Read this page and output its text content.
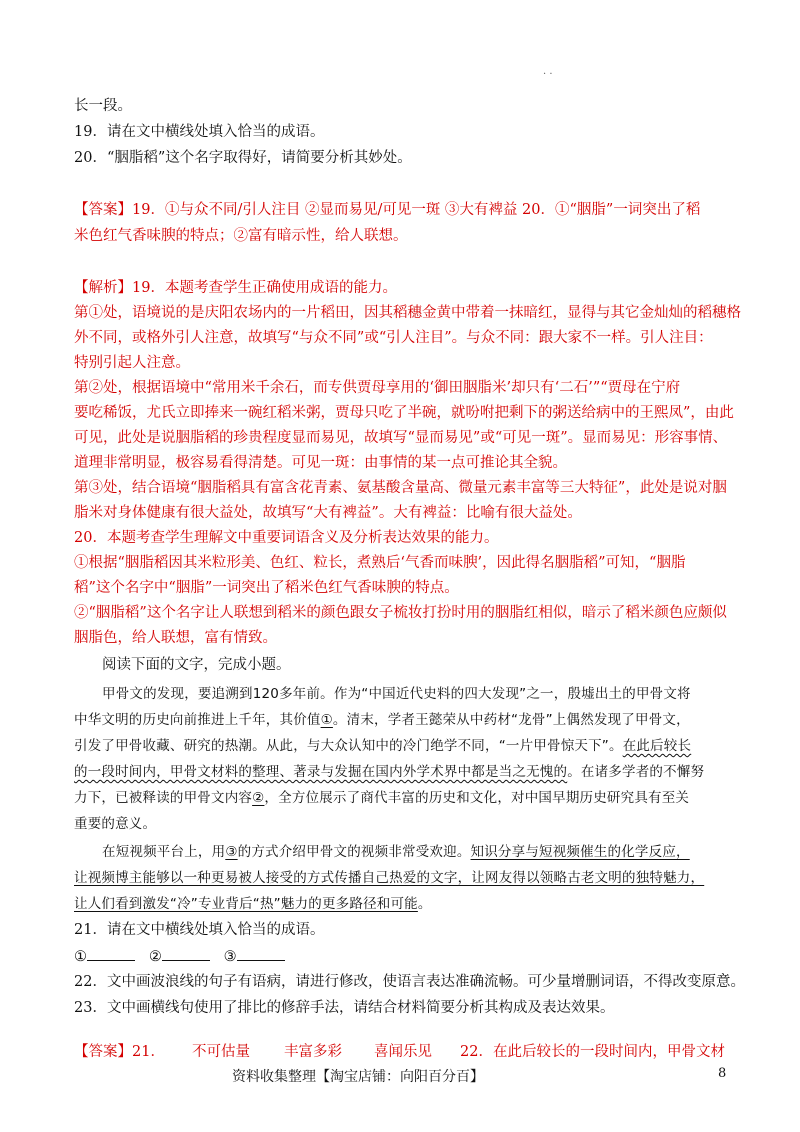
· ·
长一段。
19．请在文中横线处填入恰当的成语。
20．“胭脂稻”这个名字取得好，请简要分析其妙处。
【答案】19．①与众不同/引人注目 ②显而易见/可见一斑 ③大有裨益 20．①“胭脂”一词突出了稻
米色红气香味腴的特点；②富有暗示性，给人联想。
【解析】19．本题考查学生正确使用成语的能力。
第①处，语境说的是庆阳农场内的一片稻田，因其稻穗金黄中带着一抹暗红，显得与其它金灿灿的稻穗格
外不同，或格外引人注意，故填写“与众不同”或“引人注目”。与众不同：跟大家不一样。引人注目：
特别引起人注意。
第②处，根据语境中“常用米千余石，而专供贾母享用的‘御田胭脂米’却只有‘二石’”“贾母在宁府
要吃稀饭，尤氏立即捧来一碗红稻米粥，贾母只吃了半碗，就吩咐把剩下的粥送给病中的王熙凤”，由此
可见，此处是说胭脂稻的珍贵程度显而易见，故填写“显而易见”或“可见一斑”。显而易见：形容事情、
道理非常明显，极容易看得清楚。可见一斑：由事情的某一点可推论其全貌。
第③处，结合语境“胭脂稻具有富含花青素、氨基酸含量高、微量元素丰富等三大特征”，此处是说对胭
脂米对身体健康有很大益处，故填写“大有裨益”。大有裨益：比喻有很大益处。
20．本题考查学生理解文中重要词语含义及分析表达效果的能力。
①根据“胭脂稻因其米粒形美、色红、粒长，煮熟后‘气香而味腴’，因此得名胭脂稻”可知，“胭脂
稻”这个名字中“胭脂”一词突出了稻米色红气香味腴的特点。
②“胭脂稻”这个名字让人联想到稻米的颜色跟女子梳妆打扮时用的胭脂红相似，暗示了稻米颜色应颇似
胭脂色，给人联想，富有情致。
阅读下面的文字，完成小题。
甲骨文的发现，要追溯到120多年前。作为“中国近代史料的四大发现”之一，殷墟出土的甲骨文将
中华文明的历史向前推进上千年，其价值①。清末，学者王懿荣从中药材“龙骨”上偶然发现了甲骨文，
引发了甲骨收藏、研究的热潮。从此，与大众认知中的冷门绝学不同，“一片甲骨惊天下”。在此后较长
的一段时间内，甲骨文材料的整理、著录与发掘在国内外学术界中都是当之无愧的。在诸多学者的不懈努
力下，已被释读的甲骨文内容②，全方位展示了商代丰富的历史和文化，对中国早期历史研究具有至关
重要的意义。
在短视频平台上，用③的方式介绍甲骨文的视频非常受欢迎。知识分享与短视频催生的化学反应，
让视频博主能够以一种更易被人接受的方式传播自己热爱的文字，让网友得以领略古老文明的独特魅力，
让人们看到激发“冷”专业背后“热”魅力的更多路径和可能。
21．请在文中横线处填入恰当的成语。
①	②	③
22．文中画波浪线的句子有语病，请进行修改，使语言表达准确流畅。可少量增删词语，不得改变原意。
23．文中画横线句使用了排比的修辞手法，请结合材料简要分析其构成及表达效果。
【答案】21． 不可估量 丰富多彩 喜闻乐见 22．在此后较长的一段时间内，甲骨文材
资料收集整理【淘宝店铺：向阳百分百】	8
